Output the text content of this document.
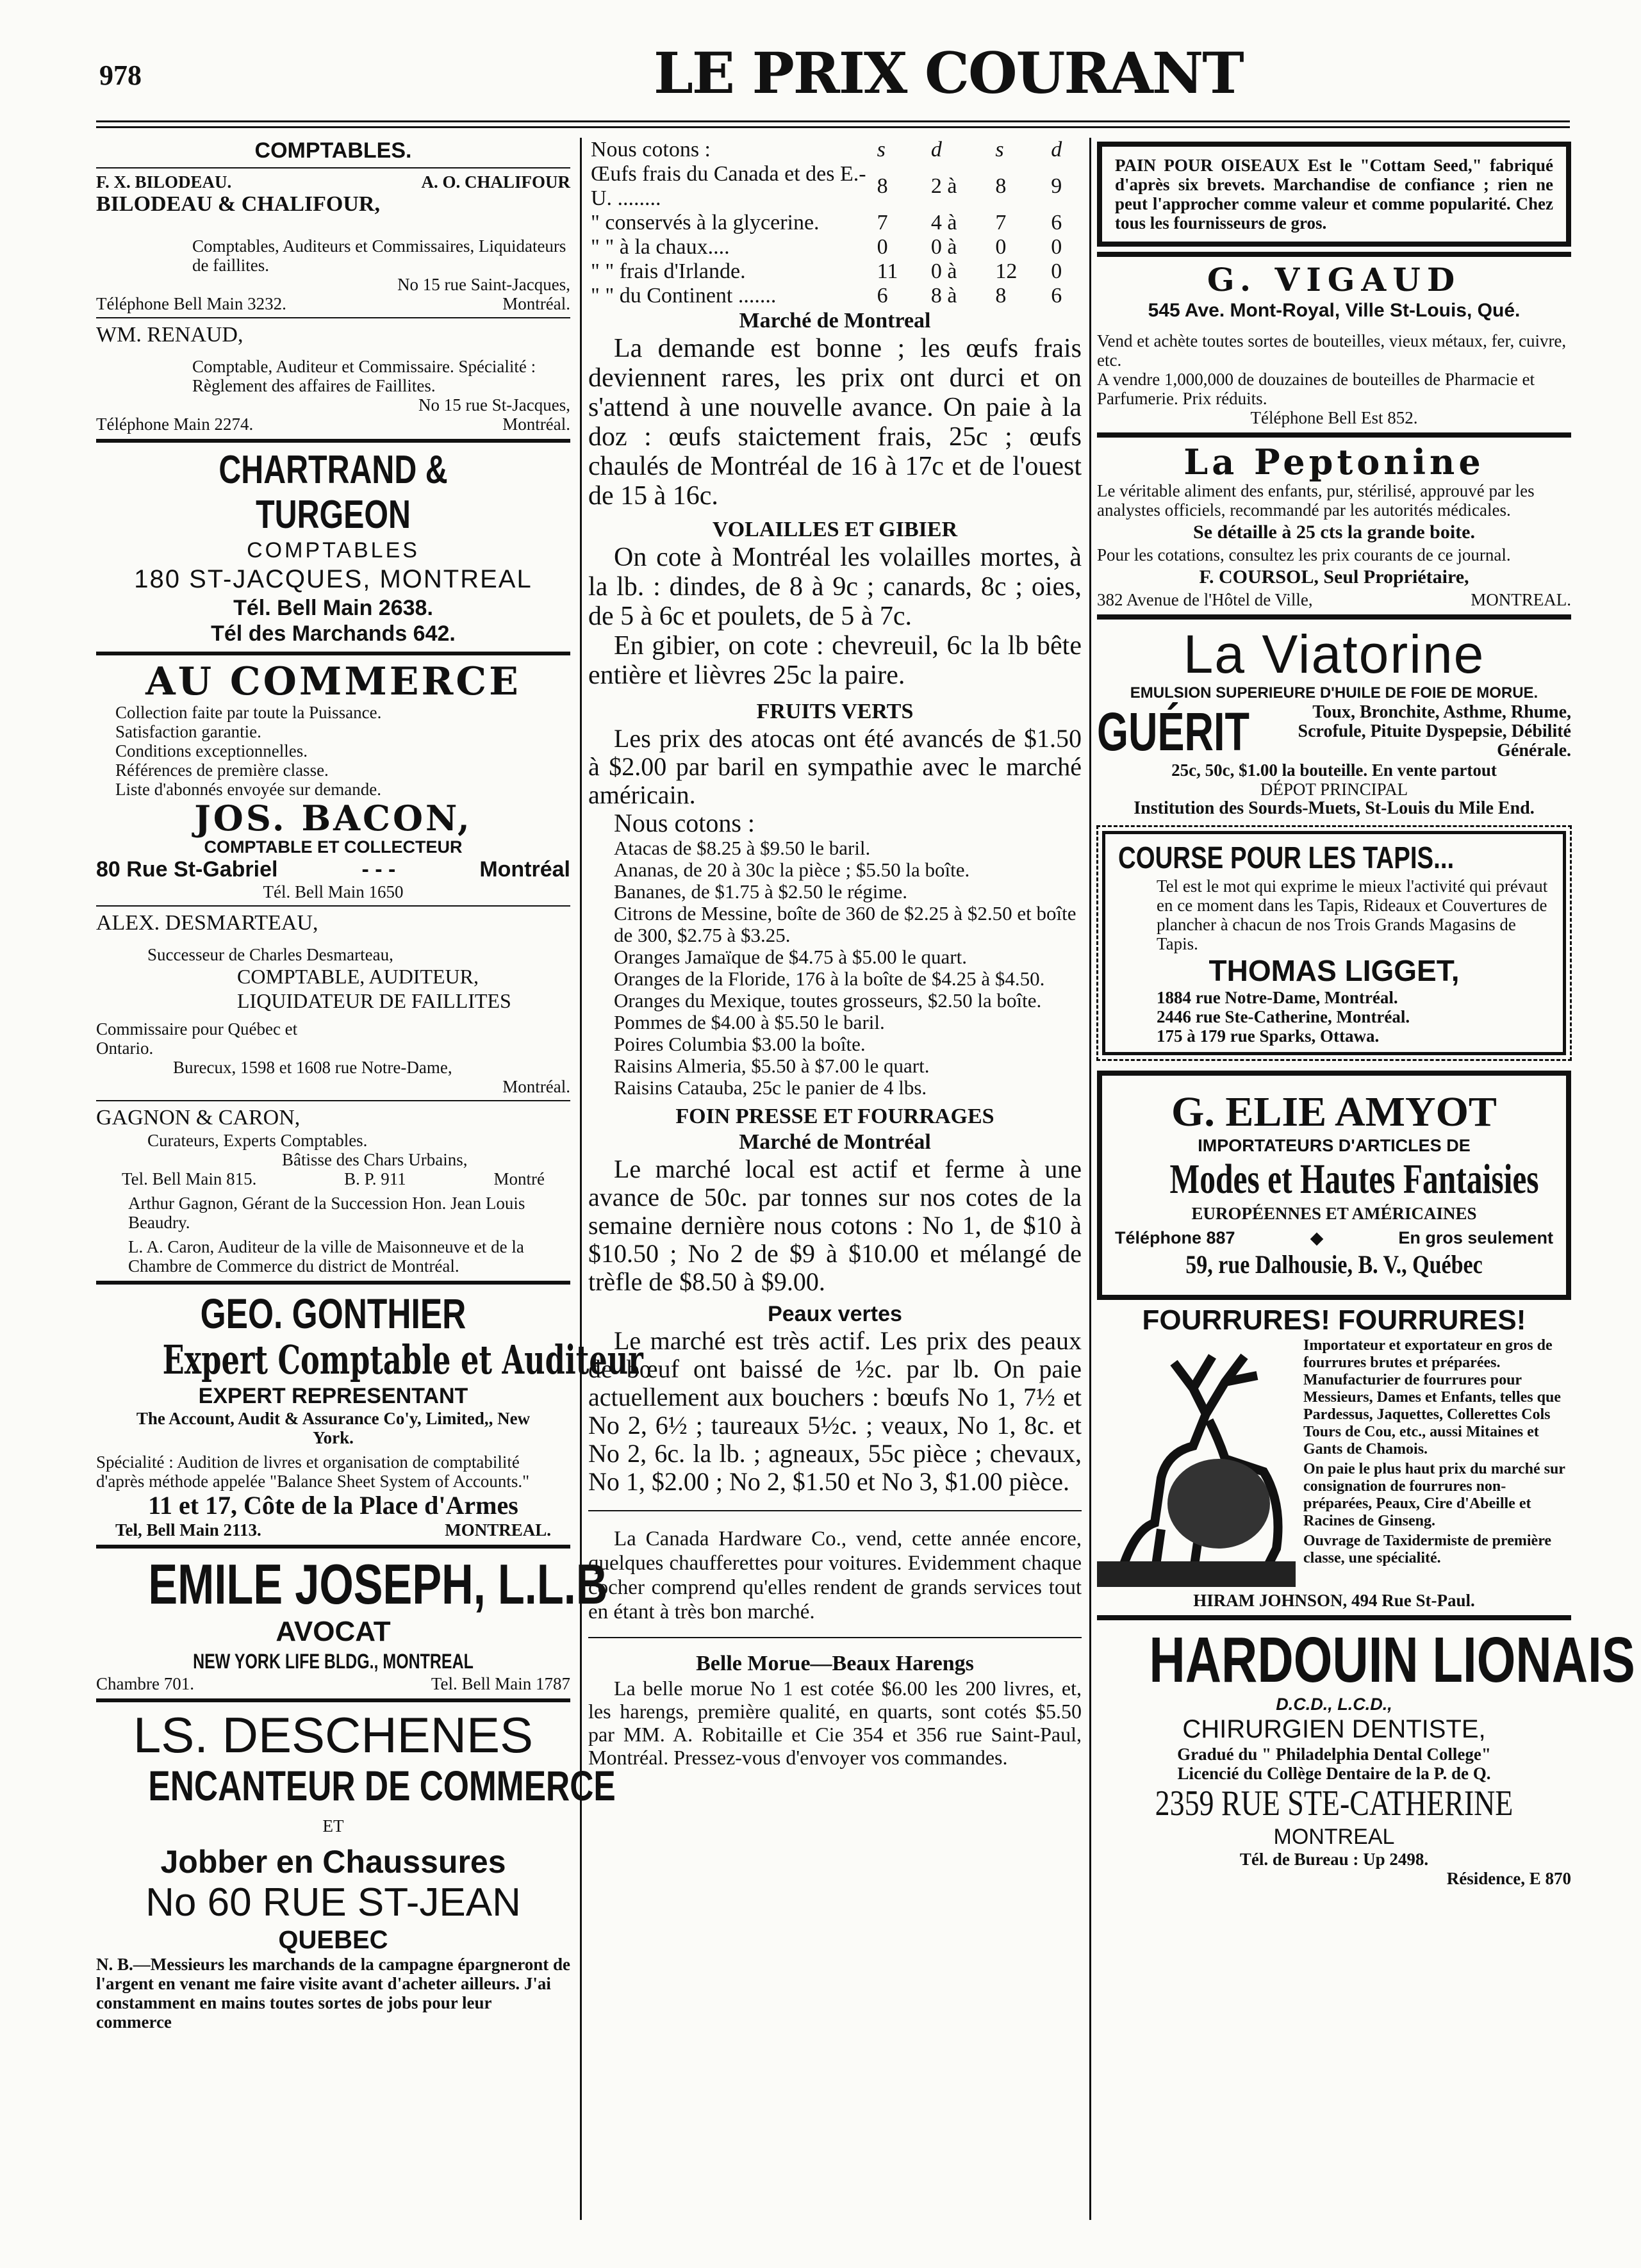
978	LE PRIX COURANT
COMPTABLES.
F. X. BILODEAU.	A. O. CHALIFOUR
BILODEAU & CHALIFOUR,
Comptables, Auditeurs et Commissaires, Liquidateurs de faillites.
No 15 rue Saint-Jacques,
Téléphone Bell Main 3232.	Montréal.
WM. RENAUD,
Comptable, Auditeur et Commissaire. Spécialité : Règlement des affaires de Faillites.
No 15 rue St-Jacques,
Téléphone Main 2274.	Montréal.
CHARTRAND & TURGEON
COMPTABLES
180 ST-JACQUES, MONTREAL
Tél. Bell Main 2638.
Tél des Marchands 642.
AU COMMERCE
Collection faite par toute la Puissance.
Satisfaction garantie.
Conditions exceptionnelles.
Références de première classe.
Liste d'abonnés envoyée sur demande.
JOS. BACON,
COMPTABLE ET COLLECTEUR
80 Rue St-Gabriel	- - -	Montréal
Tél. Bell Main 1650
ALEX. DESMARTEAU,
Successeur de Charles Desmarteau,
COMPTABLE, AUDITEUR, LIQUIDATEUR DE FAILLITES
Commissaire pour Québec et Ontario.
Burecux, 1598 et 1608 rue Notre-Dame,
Montréal.
GAGNON & CARON,
Curateurs, Experts Comptables.
Bâtisse des Chars Urbains,
Tel. Bell Main 815.	B. P. 911	Montré
Arthur Gagnon, Gérant de la Succession Hon. Jean Louis Beaudry.
L. A. Caron, Auditeur de la ville de Maisonneuve et de la Chambre de Commerce du district de Montréal.
GEO. GONTHIER
Expert Comptable et Auditeur
EXPERT REPRESENTANT
The Account, Audit & Assurance Co'y, Limited,, New York.
Spécialité : Audition de livres et organisation de comptabilité d'après méthode appelée "Balance Sheet System of Accounts."
11 et 17, Côte de la Place d'Armes
Tel, Bell Main 2113.	MONTREAL.
EMILE JOSEPH, L.L.B
AVOCAT
NEW YORK LIFE BLDG., MONTREAL
Chambre 701.	Tel. Bell Main 1787
LS. DESCHENES
ENCANTEUR DE COMMERCE
ET
Jobber en Chaussures
No 60 RUE ST-JEAN
QUEBEC
N. B.—Messieurs les marchands de la campagne épargneront de l'argent en venant me faire visite avant d'acheter ailleurs. J'ai constamment en mains toutes sortes de jobs pour leur commerce
Nous cotons :	s	d	s	d
Œufs frais du Canada et des E.-U. ........	8	2 à	8	9
" conservés à la glycerine.	7	4 à	7	6
" " à la chaux....	0	0 à	0	0
" " frais d'Irlande.	11	0 à	12	0
" " du Continent .......	6	8 à	8	6
Marché de Montreal

La demande est bonne ; les œufs frais deviennent rares, les prix ont durci et on s'attend à une nouvelle avance. On paie à la doz : œufs staictement frais, 25c ; œufs chaulés de Montréal de 16 à 17c et de l'ouest de 15 à 16c.

VOLAILLES ET GIBIER

On cote à Montréal les volailles mortes, à la lb. : dindes, de 8 à 9c ; canards, 8c ; oies, de 5 à 6c et poulets, de 5 à 7c.

En gibier, on cote : chevreuil, 6c la lb bête entière et lièvres 25c la paire.

FRUITS VERTS

Les prix des atocas ont été avancés de $1.50 à $2.00 par baril en sympathie avec le marché américain.

Nous cotons :

Atacas de $8.25 à $9.50 le baril.
Ananas, de 20 à 30c la pièce ; $5.50 la boîte.
Bananes, de $1.75 à $2.50 le régime.
Citrons de Messine, boîte de 360 de $2.25 à $2.50 et boîte de 300, $2.75 à $3.25.
Oranges Jamaïque de $4.75 à $5.00 le quart.
Oranges de la Floride, 176 à la boîte de $4.25 à $4.50.
Oranges du Mexique, toutes grosseurs, $2.50 la boîte.
Pommes de $4.00 à $5.50 le baril.
Poires Columbia $3.00 la boîte.
Raisins Almeria, $5.50 à $7.00 le quart.
Raisins Catauba, 25c le panier de 4 lbs.
FOIN PRESSE ET FOURRAGES
Marché de Montréal

Le marché local est actif et ferme à une avance de 50c. par tonnes sur nos cotes de la semaine dernière nous cotons : No 1, de $10 à $10.50 ; No 2 de $9 à $10.00 et mélangé de trèfle de $8.50 à $9.00.

Peaux vertes

Le marché est très actif. Les prix des peaux de bœuf ont baissé de ½c. par lb. On paie actuellement aux bouchers : bœufs No 1, 7½ et No 2, 6½ ; taureaux 5½c. ; veaux, No 1, 8c. et No 2, 6c. la lb. ; agneaux, 55c pièce ; chevaux, No 1, $2.00 ; No 2, $1.50 et No 3, $1.00 pièce.

La Canada Hardware Co., vend, cette année encore, quelques chaufferettes pour voitures. Evidemment chaque cocher comprend qu'elles rendent de grands services tout en étant à très bon marché.

Belle Morue—Beaux Harengs

La belle morue No 1 est cotée $6.00 les 200 livres, et, les harengs, première qualité, en quarts, sont cotés $5.50 par MM. A. Robitaille et Cie 354 et 356 rue Saint-Paul, Montréal. Pressez-vous d'envoyer vos commandes.

PAIN POUR OISEAUX Est le "Cottam Seed," fabriqué d'après six brevets. Marchandise de confiance ; rien ne peut l'approcher comme valeur et comme popularité. Chez tous les fournisseurs de gros.
G. VIGAUD
545 Ave. Mont-Royal, Ville St-Louis, Qué.
Vend et achète toutes sortes de bouteilles, vieux métaux, fer, cuivre, etc.
A vendre 1,000,000 de douzaines de bouteilles de Pharmacie et Parfumerie. Prix réduits.
Téléphone Bell Est 852.
La Peptonine
Le véritable aliment des enfants, pur, stérilisé, approuvé par les analystes officiels, recommandé par les autorités médicales.
Se détaille à 25 cts la grande boite.
Pour les cotations, consultez les prix courants de ce journal.
F. COURSOL, Seul Propriétaire,
382 Avenue de l'Hôtel de Ville,	MONTREAL.
La Viatorine
EMULSION SUPERIEURE D'HUILE DE FOIE DE MORUE.
GUÉRIT	Toux, Bronchite, Asthme, Rhume, Scrofule, Pituite Dyspepsie, Débilité Générale.
25c, 50c, $1.00 la bouteille. En vente partout
DÉPOT PRINCIPAL
Institution des Sourds-Muets, St-Louis du Mile End.
COURSE POUR LES TAPIS...
Tel est le mot qui exprime le mieux l'activité qui prévaut en ce moment dans les Tapis, Rideaux et Couvertures de plancher à chacun de nos Trois Grands Magasins de Tapis.
THOMAS LIGGET,
1884 rue Notre-Dame, Montréal.
2446 rue Ste-Catherine, Montréal.
175 à 179 rue Sparks, Ottawa.
G. ELIE AMYOT
IMPORTATEURS D'ARTICLES DE
Modes et Hautes Fantaisies
EUROPÉENNES ET AMÉRICAINES
Téléphone 887	◆	En gros seulement
59, rue Dalhousie, B. V., Québec
FOURRURES! FOURRURES!
Importateur et exportateur en gros de fourrures brutes et préparées. Manufacturier de fourrures pour Messieurs, Dames et Enfants, telles que Pardessus, Jaquettes, Collerettes Cols Tours de Cou, etc., aussi Mitaines et Gants de Chamois.
On paie le plus haut prix du marché sur consignation de fourrures non-préparées, Peaux, Cire d'Abeille et Racines de Ginseng.
Ouvrage de Taxidermiste de première classe, une spécialité.
HIRAM JOHNSON, 494 Rue St-Paul.
HARDOUIN LIONAIS
D.C.D., L.C.D.,
CHIRURGIEN DENTISTE,
Gradué du " Philadelphia Dental College"
Licencié du Collège Dentaire de la P. de Q.
2359 RUE STE-CATHERINE
MONTREAL
Tél. de Bureau : Up 2498.
Résidence, E 870
